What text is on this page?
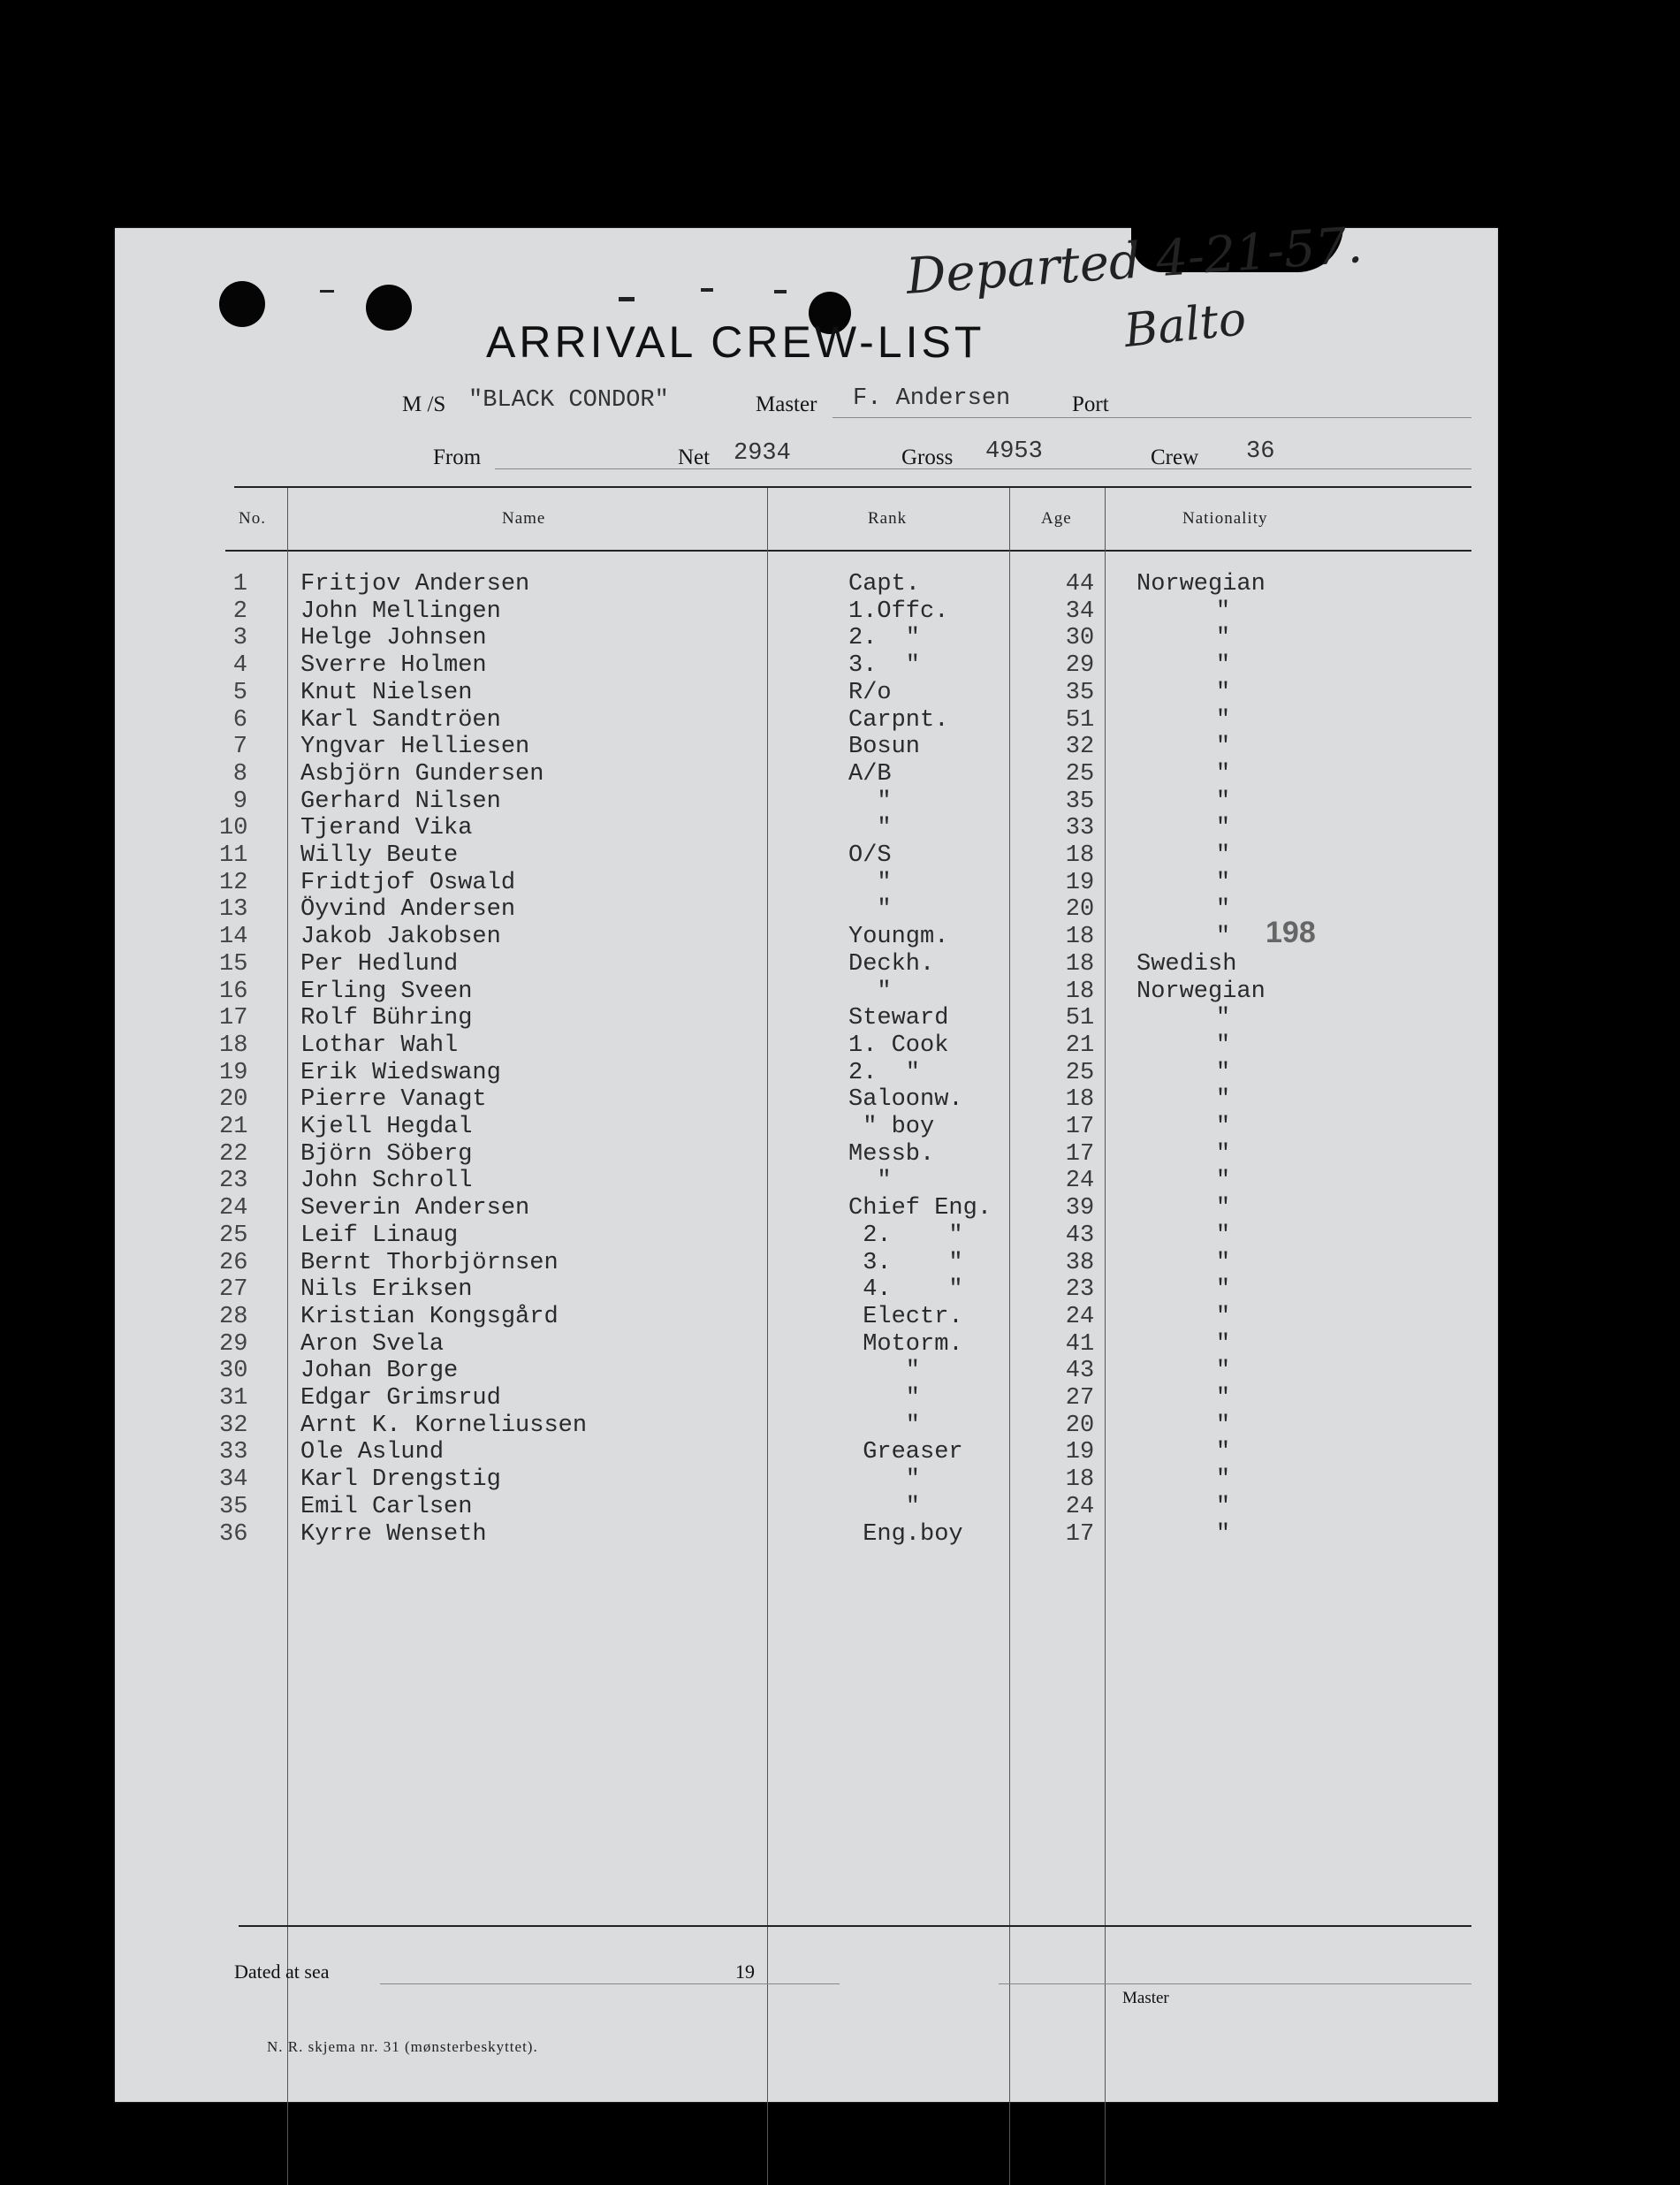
Departed 4-21-57.
Balto
ARRIVAL CREW-LIST
M /S "BLACK CONDOR"	Master F. Andersen	Port
From	Net 2934	Gross 4953	Crew 36
No.	Name	Rank	Age	Nationality
1 Fritjov Andersen	Capt.	44	Norwegian
2 John Mellingen	1.Offc.	34	"
3 Helge Johnsen	2.  "	30	"
4 Sverre Holmen	3.  "	29	"
5 Knut Nielsen	R/o	35	"
6 Karl Sandtröen	Carpnt.	51	"
7 Yngvar Helliesen	Bosun	32	"
8 Asbjörn Gundersen	A/B	25	"
9 Gerhard Nilsen	"	35	"
10 Tjerand Vika	"	33	"
11 Willy Beute	O/S	18	"
12 Fridtjof Oswald	"	19	"
13 Öyvind Andersen	"	20	"
14 Jakob Jakobsen	Youngm.	18	"
15 Per Hedlund	Deckh.	18	Swedish
16 Erling Sveen	"	18	Norwegian
17 Rolf Bühring	Steward	51	"
18 Lothar Wahl	1. Cook	21	"
19 Erik Wiedswang	2.  "	25	"
20 Pierre Vanagt	Saloonw.	18	"
21 Kjell Hegdal	" boy	17	"
22 Björn Söberg	Messb.	17	"
23 John Schroll	"	24	"
24 Severin Andersen	Chief Eng.	39	"
25 Leif Linaug	2.    "	43	"
26 Bernt Thorbjörnsen	3.    "	38	"
27 Nils Eriksen	4.    "	23	"
28 Kristian Kongsgård	Electr.	24	"
29 Aron Svela	Motorm.	41	"
30 Johan Borge	"	43	"
31 Edgar Grimsrud	"	27	"
32 Arnt K. Korneliussen	"	20	"
33 Ole Aslund	Greaser	19	"
34 Karl Drengstig	"	18	"
35 Emil Carlsen	"	24	"
36 Kyrre Wenseth	Eng.boy	17	"
198
Dated at sea	19
Master
N. R. skjema nr. 31 (mønsterbeskyttet).
